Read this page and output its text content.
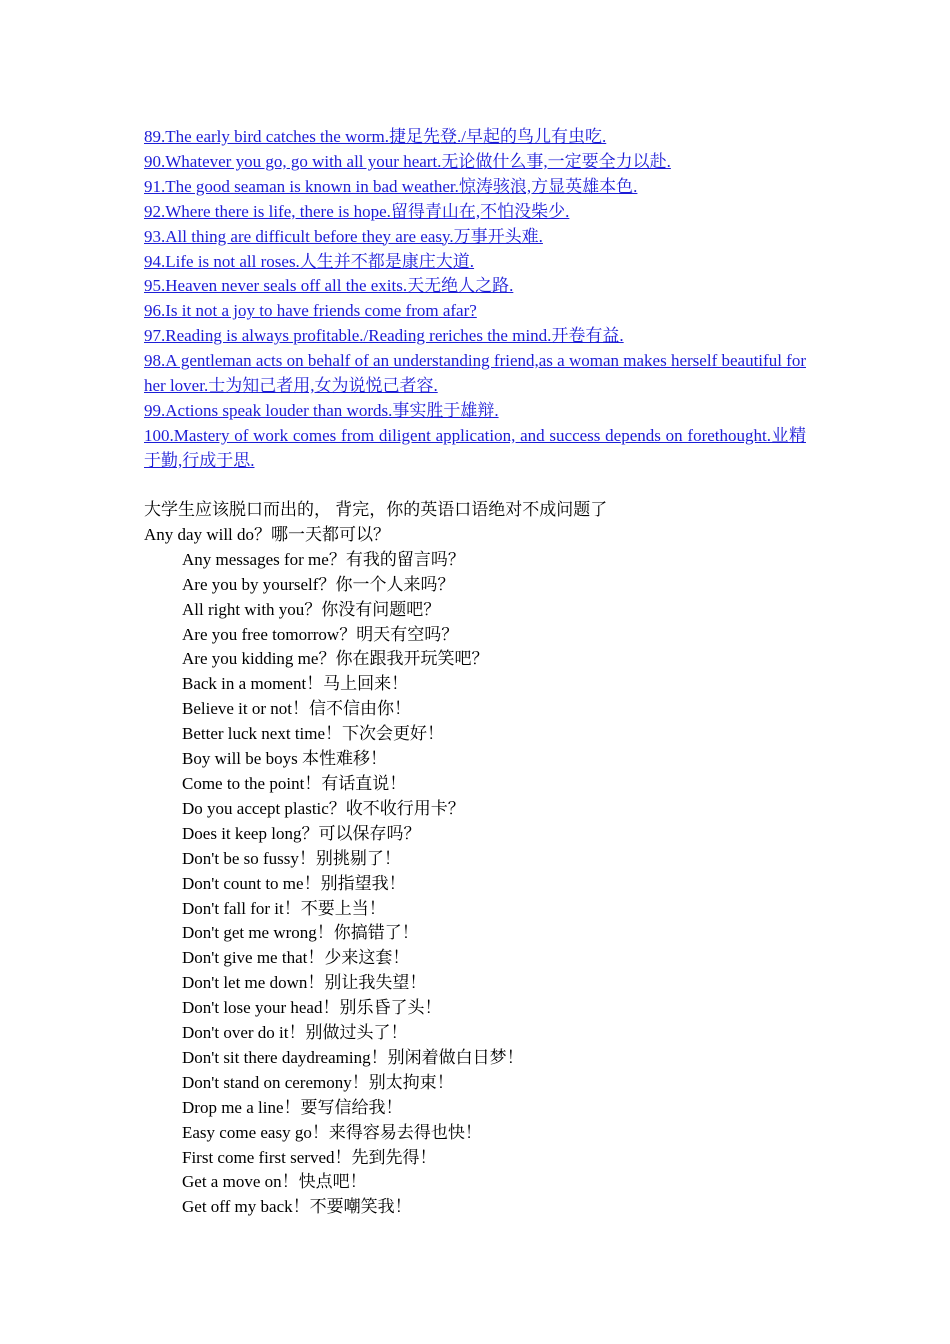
89.The early bird catches the worm.捷足先登./早起的鸟儿有虫吃.
90.Whatever you go, go with all your heart.无论做什么事,一定要全力以赴.
91.The good seaman is known in bad weather.惊涛骇浪,方显英雄本色.
92.Where there is life, there is hope.留得青山在,不怕没柴少.
93.All thing are difficult before they are easy.万事开头难.
94.Life is not all roses.人生并不都是康庄大道.
95.Heaven never seals off all the exits.天无绝人之路.
96.Is it not a joy to have friends come from afar?
97.Reading is always profitable./Reading reriches the mind.开卷有益.
98.A gentleman acts on behalf of an understanding friend,as a woman makes herself beautiful for her lover.士为知己者用,女为说悦己者容.
99.Actions speak louder than words.事实胜于雄辩.
100.Mastery of work comes from diligent application, and success depends on forethought.业精于勤,行成于思.
大学生应该脱口而出的， 背完，你的英语口语绝对不成问题了
Any day will do？哪一天都可以？
Any messages for me？有我的留言吗？
Are you by yourself？你一个人来吗？
All right with you？你没有问题吧？
Are you free tomorrow？明天有空吗？
Are you kidding me？你在跟我开玩笑吧？
Back in a moment！马上回来！
Believe it or not！信不信由你！
Better luck next time！下次会更好！
Boy will be boys 本性难移！
Come to the point！有话直说！
Do you accept plastic？收不收行用卡？
Does it keep long？可以保存吗？
Don't be so fussy！别挑剔了！
Don't count to me！别指望我！
Don't fall for it！不要上当！
Don't get me wrong！你搞错了！
Don't give me that！少来这套！
Don't let me down！别让我失望！
Don't lose your head！别乐昏了头！
Don't over do it！别做过头了！
Don't sit there daydreaming！别闲着做白日梦！
Don't stand on ceremony！别太拘束！
Drop me a line！要写信给我！
Easy come easy go！来得容易去得也快！
First come first served！先到先得！
Get a move on！快点吧！
Get off my back！不要嘲笑我！
